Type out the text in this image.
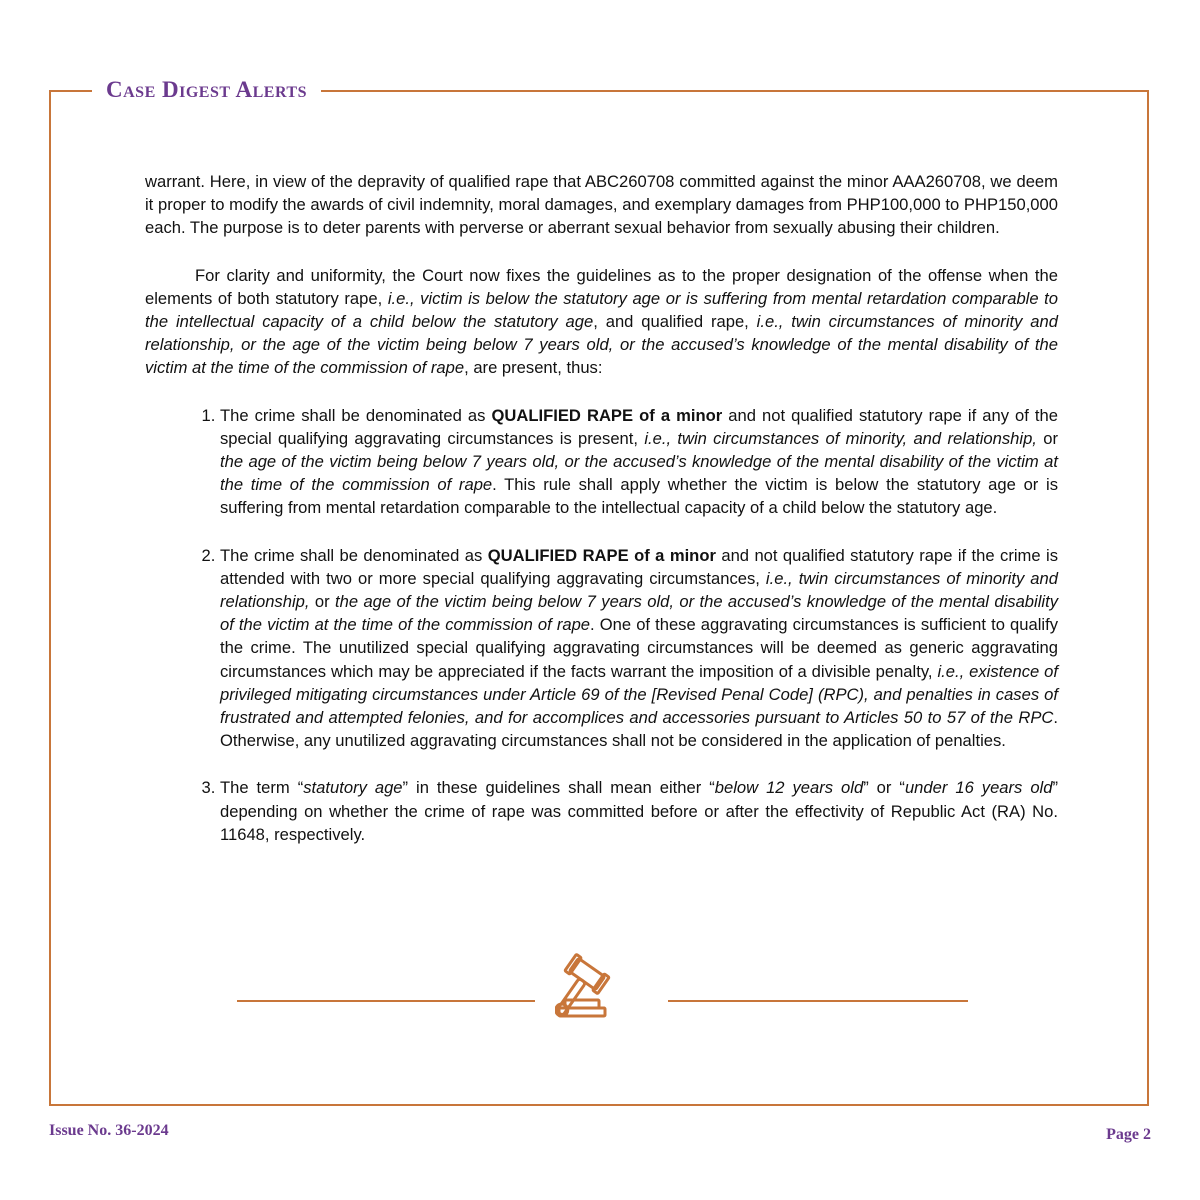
Case Digest Alerts

warrant. Here, in view of the depravity of qualified rape that ABC260708 committed against the minor AAA260708, we deem it proper to modify the awards of civil indemnity, moral damages, and exemplary damages from PHP100,000 to PHP150,000 each. The purpose is to deter parents with perverse or aberrant sexual behavior from sexually abusing their children.

For clarity and uniformity, the Court now fixes the guidelines as to the proper designation of the offense when the elements of both statutory rape, i.e., victim is below the statutory age or is suffering from mental retardation comparable to the intellectual capacity of a child below the statutory age, and qualified rape, i.e., twin circumstances of minority and relationship, or the age of the victim being below 7 years old, or the accused’s knowledge of the mental disability of the victim at the time of the commission of rape, are present, thus:

1. The crime shall be denominated as QUALIFIED RAPE of a minor and not qualified statutory rape if any of the special qualifying aggravating circumstances is present, i.e., twin circumstances of minority, and relationship, or the age of the victim being below 7 years old, or the accused’s knowledge of the mental disability of the victim at the time of the commission of rape. This rule shall apply whether the victim is below the statutory age or is suffering from mental retardation comparable to the intellectual capacity of a child below the statutory age.
2. The crime shall be denominated as QUALIFIED RAPE of a minor and not qualified statutory rape if the crime is attended with two or more special qualifying aggravating circumstances, i.e., twin circumstances of minority and relationship, or the age of the victim being below 7 years old, or the accused’s knowledge of the mental disability of the victim at the time of the commission of rape. One of these aggravating circumstances is sufficient to qualify the crime. The unutilized special qualifying aggravating circumstances will be deemed as generic aggravating circumstances which may be appreciated if the facts warrant the imposition of a divisible penalty, i.e., existence of privileged mitigating circumstances under Article 69 of the [Revised Penal Code] (RPC), and penalties in cases of frustrated and attempted felonies, and for accomplices and accessories pursuant to Articles 50 to 57 of the RPC. Otherwise, any unutilized aggravating circumstances shall not be considered in the application of penalties.
3. The term “statutory age” in these guidelines shall mean either “below 12 years old” or “under 16 years old” depending on whether the crime of rape was committed before or after the effectivity of Republic Act (RA) No. 11648, respectively.
Issue No. 36-2024	Page 2
